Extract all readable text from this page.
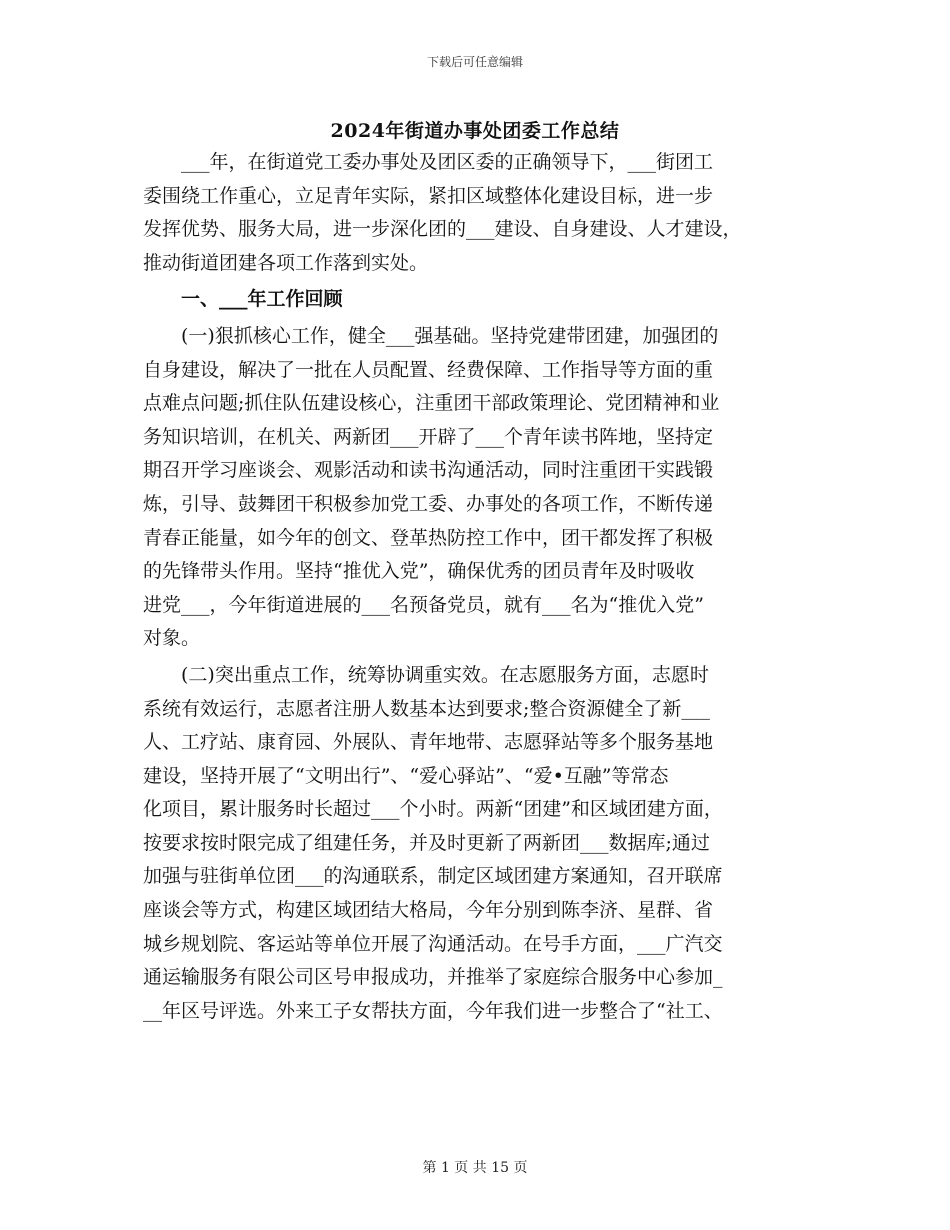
下载后可任意编辑
2024年街道办事处团委工作总结
　　___年，在街道党工委办事处及团区委的正确领导下，___街团工
委围绕工作重心，立足青年实际，紧扣区域整体化建设目标，进一步
发挥优势、服务大局，进一步深化团的___建设、自身建设、人才建设，
推动街道团建各项工作落到实处。
　　一、___年工作回顾
　　(一)狠抓核心工作，健全___强基础。坚持党建带团建，加强团的
自身建设，解决了一批在人员配置、经费保障、工作指导等方面的重
点难点问题;抓住队伍建设核心，注重团干部政策理论、党团精神和业
务知识培训，在机关、两新团___开辟了___个青年读书阵地，坚持定
期召开学习座谈会、观影活动和读书沟通活动，同时注重团干实践锻
炼，引导、鼓舞团干积极参加党工委、办事处的各项工作，不断传递
青春正能量，如今年的创文、登革热防控工作中，团干都发挥了积极
的先锋带头作用。坚持“推优入党”，确保优秀的团员青年及时吸收
进党___，今年街道进展的___名预备党员，就有___名为“推优入党”
对象。
　　(二)突出重点工作，统筹协调重实效。在志愿服务方面，志愿时
系统有效运行，志愿者注册人数基本达到要求;整合资源健全了新___
人、工疗站、康育园、外展队、青年地带、志愿驿站等多个服务基地
建设，坚持开展了“文明出行”、“爱心驿站”、“爱•互融”等常态
化项目，累计服务时长超过___个小时。两新“团建”和区域团建方面，
按要求按时限完成了组建任务，并及时更新了两新团___数据库;通过
加强与驻街单位团___的沟通联系，制定区域团建方案通知，召开联席
座谈会等方式，构建区域团结大格局，今年分别到陈李济、星群、省
城乡规划院、客运站等单位开展了沟通活动。在号手方面，___广汽交
通运输服务有限公司区号申报成功，并推举了家庭综合服务中心参加_
__年区号评选。外来工子女帮扶方面，今年我们进一步整合了“社工、
第 1 页 共 15 页
